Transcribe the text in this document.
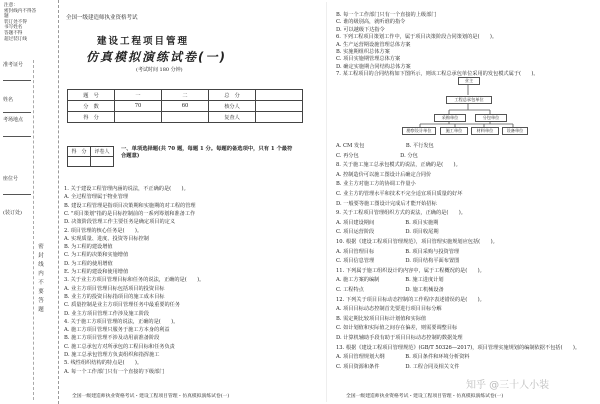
注意：
密封线内不得答题
装订处不得
书写姓名
答题不得
超过装订线
准考证号
姓名
考场地点
座位号
(装订处)
密
封
线
内
不
要
答
题
全国一级建造师执业资格考试
建设工程项目管理
仿真模拟演练试卷(一)
(考试时间 180 分钟)
题　号	一	二	总　分	
分　数	70	60	核分人	
得　分			复查人	
得　分	评卷人
	一、单项选择题(共 70 题，每题 1 分。每题的备选项中，只有 1 个最符合题意)
1. 关于建设工程管理内涵的说法，不正确的是(　　)。
A. 全过程管理属于物业管理
B. 建设工程管理是指项目决策期和实施期的对工程的管理
C. "项目策划"指的是目标控制前的一系列筹划和准备工作
D. 决策阶段管理工作主要任务是确定项目的定义
2. 项目管理的核心任务是(　　)。
A. 实现质量、进度、投资等目标控制
B. 为工程的建设增值
C. 为工程的决策和实施增值
D. 为工程的使用增值
E. 为工程的建设和使用增值
3. 关于业主方项目管理目标和任务的说法，正确的是(　　)。
A. 业主方项目管理目标包括项目的投资目标
B. 业主方的投资目标指项目的施工成本目标
C. 质量控制是业主方项目管理任务中最重要的任务
D. 业主方项目管理工作涉及施工阶段
4. 关于施工方项目管理的说法，正确的是(　　)。
A. 施工方项目管理只服务于施工方本身的利益
B. 施工方项目管理不涉及动用前准备阶段
C. 施工总承包方对所承包的工程目标和任务负责
D. 施工总承包管理方负责组织和指挥施工
5. 线性组织结构的特点是(　　)。
A. 每一个工作部门只有一个直接的下级部门
B. 每一个工作部门只有一个直接的上级部门
C. 谁的级别高，就听谁的指令
D. 可以越级下达指令
6. 下列工程项目策划工作中，属于项目决策阶段合同策划的是(　　)。
A. 生产运营期设施管理总体方案
B. 实施期组织总体方案
C. 项目实施期管理总体方案
D. 确定实施期合同结构总体方案
7. 某工程项目的合同结构如下图所示，则该工程总承包单位采用的发包模式属于(　　)。
业主
工程总承包单位
采购单位	分包单位
勘察设计单位	施工单位	材料单位	设备单位
A. CM 发包　　　　　　　　B. 平行发包
C. 再分包　　　　　　　　D. 分包
8. 关于施工施工总承包模式的说法，正确的是(　　)。
A. 控制造价可以施工图设计后确定合同价
B. 业主方对施工方的协调工作量小
C. 业主方的管理水平和技术不完全适宜项目质量的好坏
D. 一般要等施工图设计完成后才能开始招标
9. 关于工程项目管理组织方式的说法，正确的是(　　)。
A. 项目建设期间　　　　　　B. 项目实施期
C. 项目运营阶段　　　　　　D. 项目收尾期
10. 根据《建设工程项目管理规范》，项目管理实施规划应包括(　　)。
A. 项目管理目标　　　　　　B. 项目采购与投资管理
C. 项目信息管理　　　　　　D. 项目结构平面布置图
11. 下列属于施工组织设计的内容中，属于工程概况的是(　　)。
A. 施工方案的编制　　　　　B. 施工进度计划
C. 工程特点　　　　　　　　D. 施工机械设备
12. 下列关于项目目标动态控制的工作程序表述错误的是(　　)。
A. 项目目标动态控制首先要进行项目目标分解
B. 需定期比较项目目标计划值和实际值
C. 如计划值和实际值之间存在偏差，则需要调整目标
D. 计算机辅助手段有助于项目目标动态控制的数据处理
13. 根据《建设工程项目管理规范》(GB/T 50326—2017)，项目管理实施规划的编制依据不包括(　　)。
A. 项目管理规划大纲　　　　B. 项目条件和环境分析资料
C. 项目资源和条件　　　　　D. 工程合同及相关文件
全国一级建造师执业资格考试・建设工程项目管理・仿真模拟演练试卷(一)	全国一级建造师执业资格考试・建设工程项目管理・仿真模拟演练试卷(一)
知乎 @三十人小装
